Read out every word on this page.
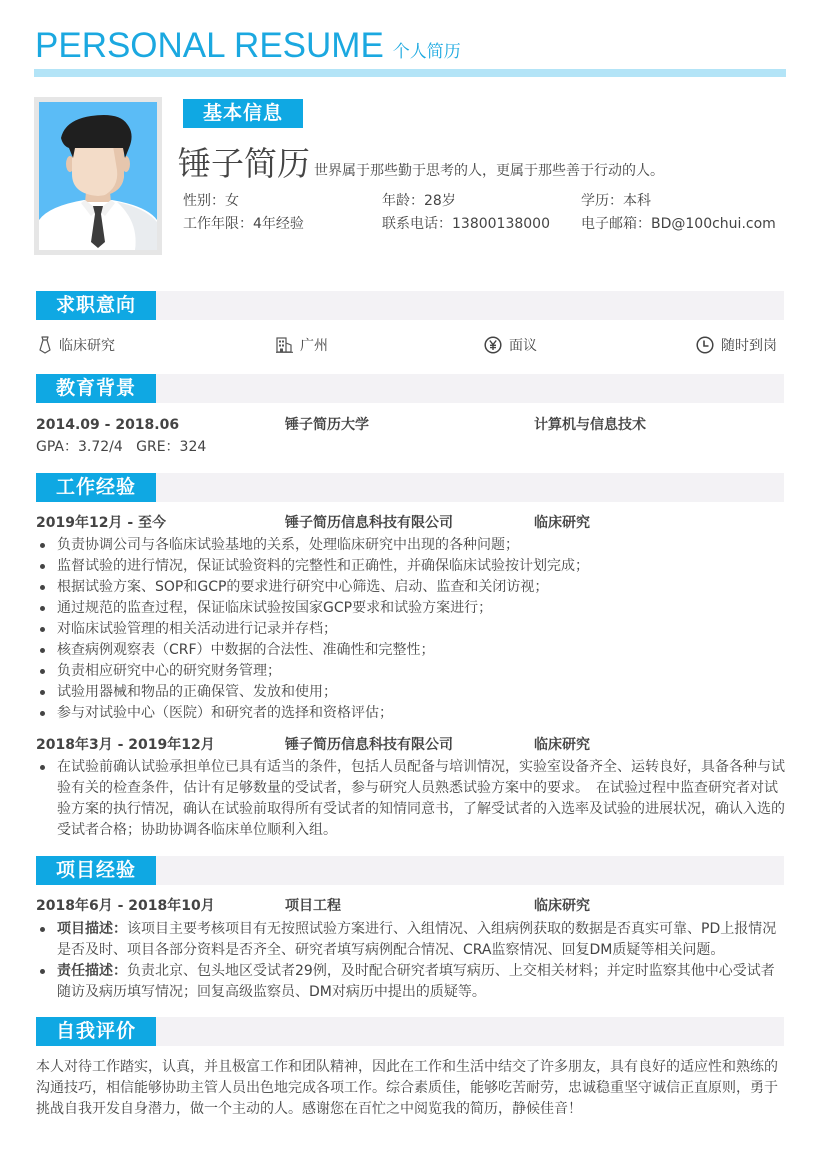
PERSONAL RESUME 个人简历
基本信息
锤子简历 世界属于那些勤于思考的人，更属于那些善于行动的人。
性别：女	年龄：28岁	学历：本科
工作年限：4年经验	联系电话：13800138000	电子邮箱：BD@100chui.com
求职意向
临床研究	广州	面议	随时到岗
教育背景
2014.09 - 2018.06	锤子简历大学	计算机与信息技术
GPA：3.72/4   GRE：324
工作经验
2019年12月 - 至今	锤子简历信息科技有限公司	临床研究
负责协调公司与各临床试验基地的关系，处理临床研究中出现的各种问题；
监督试验的进行情况，保证试验资料的完整性和正确性，并确保临床试验按计划完成；
根据试验方案、SOP和GCP的要求进行研究中心筛选、启动、监查和关闭访视；
通过规范的监查过程，保证临床试验按国家GCP要求和试验方案进行；
对临床试验管理的相关活动进行记录并存档；
核查病例观察表（CRF）中数据的合法性、准确性和完整性；
负责相应研究中心的研究财务管理；
试验用器械和物品的正确保管、发放和使用；
参与对试验中心（医院）和研究者的选择和资格评估；
2018年3月 - 2019年12月	锤子简历信息科技有限公司	临床研究
在试验前确认试验承担单位已具有适当的条件，包括人员配备与培训情况，实验室设备齐全、运转良好，具备各种与试验有关的检查条件，估计有足够数量的受试者，参与研究人员熟悉试验方案中的要求。　在试验过程中监查研究者对试验方案的执行情况，确认在试验前取得所有受试者的知情同意书，了解受试者的入选率及试验的进展状况，确认入选的受试者合格；协助协调各临床单位顺利入组。
项目经验
2018年6月 - 2018年10月	项目工程	临床研究
项目描述：该项目主要考核项目有无按照试验方案进行、入组情况、入组病例获取的数据是否真实可靠、PD上报情况是否及时、项目各部分资料是否齐全、研究者填写病例配合情况、CRA监察情况、回复DM质疑等相关问题。
责任描述：负责北京、包头地区受试者29例，及时配合研究者填写病历、上交相关材料；并定时监察其他中心受试者随访及病历填写情况；回复高级监察员、DM对病历中提出的质疑等。
自我评价
本人对待工作踏实，认真，并且极富工作和团队精神，因此在工作和生活中结交了许多朋友，具有良好的适应性和熟练的沟通技巧，相信能够协助主管人员出色地完成各项工作。综合素质佳，能够吃苦耐劳，忠诚稳重坚守诚信正直原则，勇于挑战自我开发自身潜力，做一个主动的人。感谢您在百忙之中阅览我的简历，静候佳音！
